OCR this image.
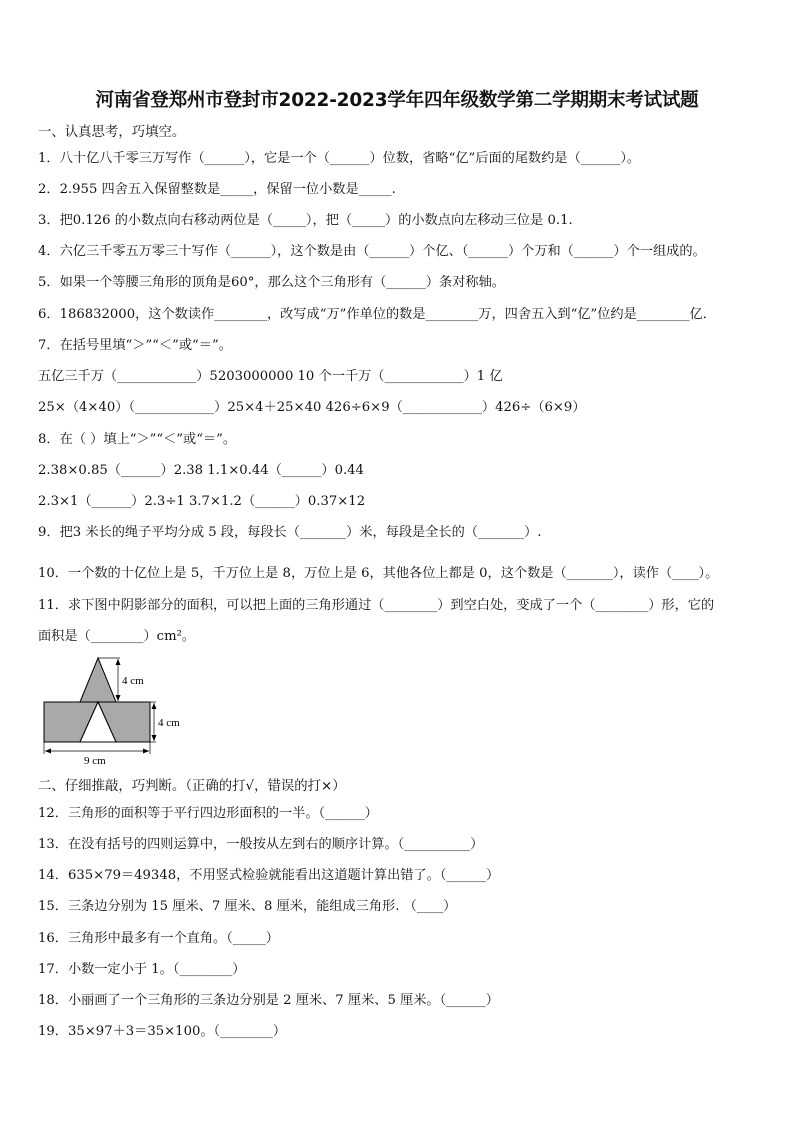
河南省登郑州市登封市2022-2023学年四年级数学第二学期期末考试试题
一、认真思考，巧填空。
1．八十亿八千零三万写作（______），它是一个（______）位数，省略“亿”后面的尾数约是（______）。
2．2.955 四舍五入保留整数是_____，保留一位小数是_____.
3．把0.126 的小数点向右移动两位是（_____），把（_____）的小数点向左移动三位是 0.1.
4．六亿三千零五万零三十写作（______），这个数是由（______）个亿、（______）个万和（______）个一组成的。
5．如果一个等腰三角形的顶角是60°，那么这个三角形有（______）条对称轴。
6．186832000，这个数读作________，改写成“万”作单位的数是________万，四舍五入到“亿”位约是________亿．
7．在括号里填“＞”“＜”或“＝”。
五亿三千万（____________）5203000000 10 个一千万（____________）1 亿
25×（4×40）（____________）25×4＋25×40 426÷6×9（____________）426÷（6×9）
8．在（ ）填上“＞”“＜”或“＝”。
2.38×0.85（______）2.38 1.1×0.44（______）0.44
2.3×1（______）2.3÷1 3.7×1.2（______）0.37×12
9．把3 米长的绳子平均分成 5 段，每段长（_______）米，每段是全长的（_______）.
10．一个数的十亿位上是 5，千万位上是 8，万位上是 6，其他各位上都是 0，这个数是（_______），读作（____）。
11．求下图中阴影部分的面积，可以把上面的三角形通过（________）到空白处，变成了一个（________）形，它的
面积是（________）cm²。
4 cm
4 cm
9 cm
二、仔细推敲，巧判断。（正确的打√，错误的打×）
12．三角形的面积等于平行四边形面积的一半。（______）
13．在没有括号的四则运算中，一般按从左到右的顺序计算。（__________）
14．635×79＝49348，不用竖式检验就能看出这道题计算出错了。（______）
15．三条边分别为 15 厘米、7 厘米、8 厘米，能组成三角形. （____）
16．三角形中最多有一个直角。（_____）
17．小数一定小于 1。（________）
18．小丽画了一个三角形的三条边分别是 2 厘米、7 厘米、5 厘米。（______）
19．35×97＋3＝35×100。（________）
